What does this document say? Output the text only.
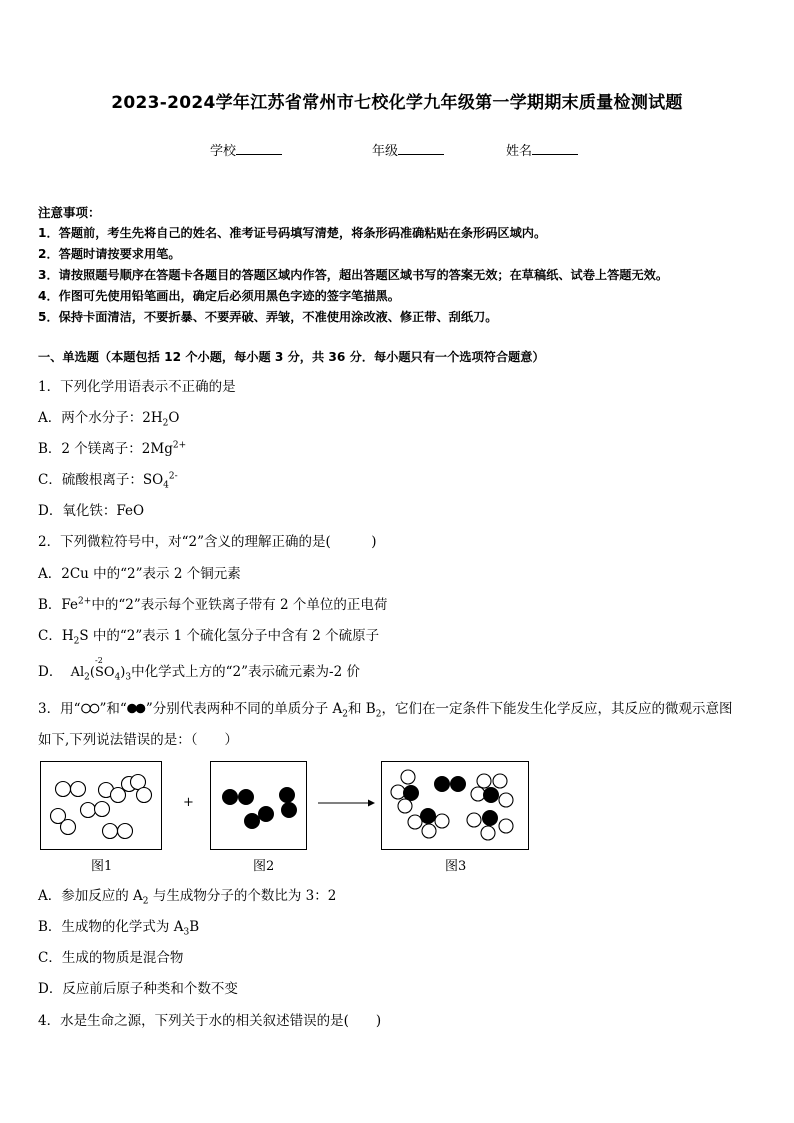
2023-2024学年江苏省常州市七校化学九年级第一学期期末质量检测试题
学校	年级	姓名
注意事项：
1．答题前，考生先将自己的姓名、准考证号码填写清楚，将条形码准确粘贴在条形码区域内。
2．答题时请按要求用笔。
3．请按照题号顺序在答题卡各题目的答题区域内作答，超出答题区域书写的答案无效；在草稿纸、试卷上答题无效。
4．作图可先使用铅笔画出，确定后必须用黑色字迹的签字笔描黑。
5．保持卡面清洁，不要折暴、不要弄破、弄皱，不准使用涂改液、修正带、刮纸刀。
一、单选题（本题包括 12 个小题，每小题 3 分，共 36 分．每小题只有一个选项符合题意）
1．下列化学用语表示不正确的是
A．两个水分子：$2H_2O$
B．2 个镁离子：$2Mg^{2+}$
C．硫酸根离子：$SO_4^{2-}$
D．氧化铁：FeO
2．下列微粒符号中，对“2”含义的理解正确的是(　　　)
A．2Cu 中的“2”表示 2 个铜元素
B．$Fe^{2+}$中的“2”表示每个亚铁离子带有 2 个单位的正电荷
C．$H_2S$ 中的“2”表示 1 个硫化氢分子中含有 2 个硫原子
D． $Al_2(S$
-2
$O_4)_3$中化学式上方的“2”表示硫元素为-2 价
3．用“ ”和“ ”分别代表两种不同的单质分子 $A_2$和 $B_2$，它们在一定条件下能发生化学反应，其反应的微观示意图
如下,下列说法错误的是：（　　）
图1
+
图2	图3
A．参加反应的 $A_2$ 与生成物分子的个数比为 3：2
B．生成物的化学式为 $A_3B$
C．生成的物质是混合物
D．反应前后原子种类和个数不变
4．水是生命之源，下列关于水的相关叙述错误的是(　　)
